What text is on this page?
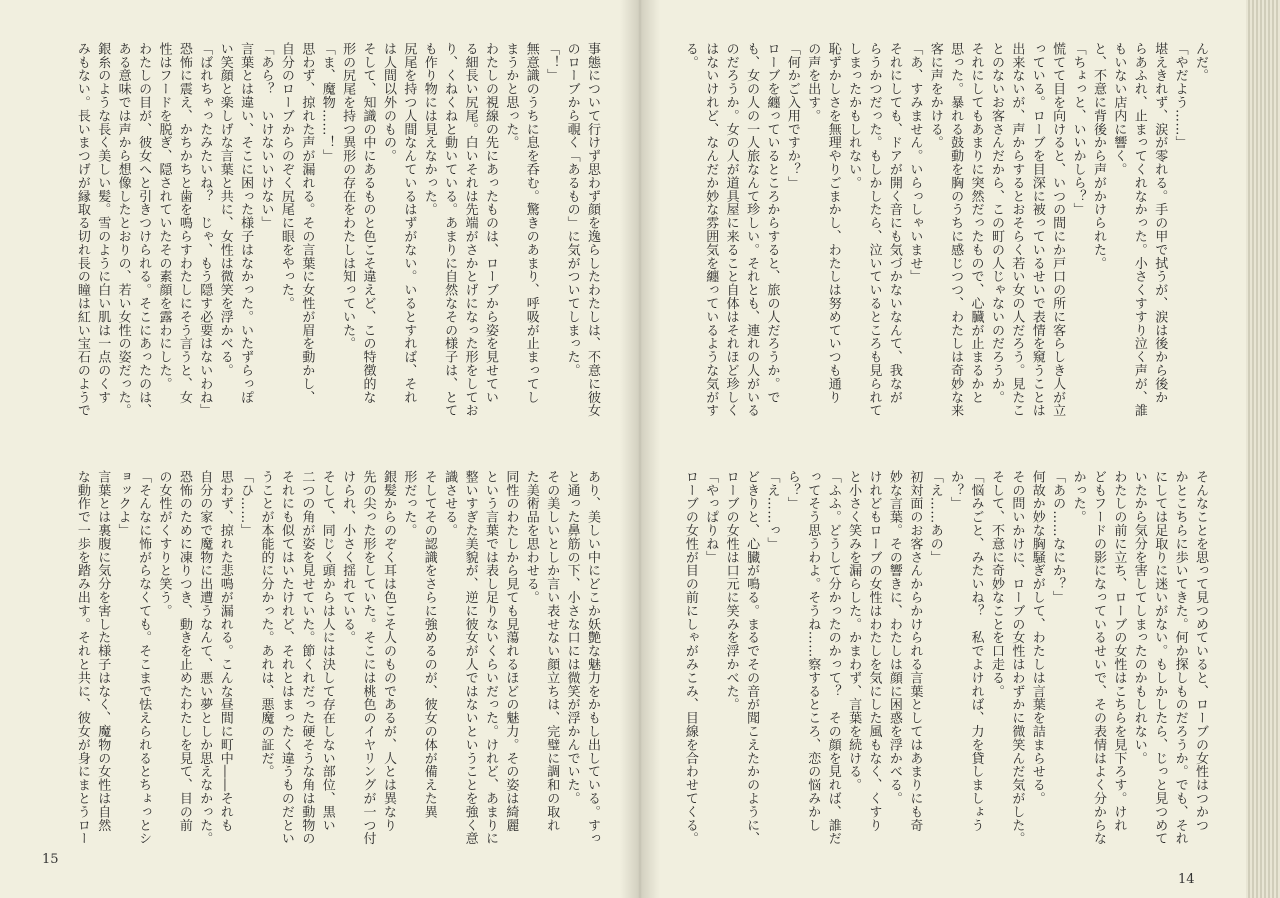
事態について行けず思わず顔を逸らしたわたしは、不意に彼女

のローブから覗く「あるもの」に気がついてしまった。

「！」

無意識のうちに息を呑む。驚きのあまり、呼吸が止まってし

まうかと思った。

わたしの視線の先にあったものは、ローブから姿を見せてい

る細長い尻尾。白いそれは先端がさかとげになった形をしてお

り、くねくねと動いている。あまりに自然なその様子は、とて

も作り物には見えなかった。

尻尾を持つ人間なんているはずがない。いるとすれば、それ

は人間以外のもの。

そして、知識の中にあるものと色こそ違えど、この特徴的な

形の尻尾を持つ異形の存在をわたしは知っていた。

「ま、魔物……！」

思わず、掠れた声が漏れる。その言葉に女性が眉を動かし、

自分のローブからのぞく尻尾に眼をやった。

「あら？　いけないいけない」

言葉とは違い、そこに困った様子はなかった。いたずらっぽ

い笑顔と楽しげな言葉と共に、女性は微笑を浮かべる。

「ばれちゃったみたいね？　じゃ、もう隠す必要はないわね」

恐怖に震え、かちかちと歯を鳴らすわたしにそう言うと、女

性はフードを脱ぎ、隠されていたその素顔を露わにした。

わたしの目が、彼女へと引きつけられる。そこにあったのは、

ある意味では声から想像したとおりの、若い女性の姿だった。

銀糸のような長く美しい髪。雪のように白い肌は一点のくす

みもない。長いまつげが縁取る切れ長の瞳は紅い宝石のようで

あり、美しい中にどこか妖艶な魅力をかもし出している。すっ

と通った鼻筋の下、小さな口には微笑が浮かんでいた。

その美しいとしか言い表せない顔立ちは、完璧に調和の取れ

た美術品を思わせる。

同性のわたしから見ても見蕩れるほどの魅力。その姿は綺麗

という言葉では表し足りないくらいだった。けれど、あまりに

整いすぎた美貌が、逆に彼女が人ではないということを強く意

識させる。

そしてその認識をさらに強めるのが、彼女の体が備えた異

形だった。

銀髪からのぞく耳は色こそ人のものであるが、人とは異なり

先の尖った形をしていた。そこには桃色のイヤリングが一つ付

けられ、小さく揺れている。

そして、同じく頭からは人には決して存在しない部位、黒い

二つの角が姿を見せていた。節くれだった硬そうな角は動物の

それにも似てはいたけれど、それとはまったく違うものだとい

うことが本能的に分かった。あれは、悪魔の証だ。

「ひ……」

思わず、掠れた悲鳴が漏れる。こんな昼間に町中――それも

自分の家で魔物に出遭うなんて、悪い夢としか思えなかった。

恐怖のために凍りつき、動きを止めたわたしを見て、目の前

の女性がくすりと笑う。

「そんなに怖がらなくても。そこまで怯えられるとちょっとシ

ョックよ」

言葉とは裏腹に気分を害した様子はなく、魔物の女性は自然

な動作で一歩を踏み出す。それと共に、彼女が身にまとうロー

15

んだ。

「やだよう……」

堪えきれず、涙が零れる。手の甲で拭うが、涙は後から後か

らあふれ、止まってくれなかった。小さくすすり泣く声が、誰

もいない店内に響く。

と、不意に背後から声がかけられた。

「ちょっと、いいかしら？」

慌てて目を向けると、いつの間にか戸口の所に客らしき人が立

っている。ローブを目深に被っているせいで表情を窺うことは

出来ないが、声からするとおそらく若い女の人だろう。見たこ

とのないお客さんだから、この町の人じゃないのだろうか。

それにしてもあまりに突然だったもので、心臓が止まるかと

思った。暴れる鼓動を胸のうちに感じつつ、わたしは奇妙な来

客に声をかける。

「あ、すみません。いらっしゃいませ」

それにしても、ドアが開く音にも気づかないなんて、我なが

らうかつだった。もしかしたら、泣いているところも見られて

しまったかもしれない。

恥ずかしさを無理やりごまかし、わたしは努めていつも通り

の声を出す。

「何かご入用ですか？」

ローブを纏っているところからすると、旅の人だろうか。で

も、女の人の一人旅なんて珍しい。それとも、連れの人がいる

のだろうか。女の人が道具屋に来ること自体はそれほど珍しく

はないけれど、なんだか妙な雰囲気を纏っているような気がす

る。

そんなことを思って見つめていると、ローブの女性はつかつ

かとこちらに歩いてきた。何か探しものだろうか。でも、それ

にしては足取りに迷いがない。もしかしたら、じっと見つめて

いたから気分を害してしまったのかもしれない。

わたしの前に立ち、ローブの女性はこちらを見下ろす。けれ

どもフードの影になっているせいで、その表情はよく分からな

かった。

「あの……なにか？」

何故か妙な胸騒ぎがして、わたしは言葉を詰まらせる。

その問いかけに、ローブの女性はわずかに微笑んだ気がした。

そして、不意に奇妙なことを口走る。

「悩みごと、みたいね？　私でよければ、力を貸しましょう

か？」

「え……あの」

初対面のお客さんからかけられる言葉としてはあまりにも奇

妙な言葉。その響きに、わたしは顔に困惑を浮かべる。

けれどもローブの女性はわたしを気にした風もなく、くすり

と小さく笑みを漏らした。かまわず、言葉を続ける。

「ふふ。どうして分かったのかって？　その顔を見れば、誰だ

ってそう思うわよ。そうね……察するところ、恋の悩みかし

ら？」

「え……っ」

どきりと、心臓が鳴る。まるでその音が聞こえたかのように、

ローブの女性は口元に笑みを浮かべた。

「やっぱりね」

ローブの女性が目の前にしゃがみこみ、目線を合わせてくる。

14
